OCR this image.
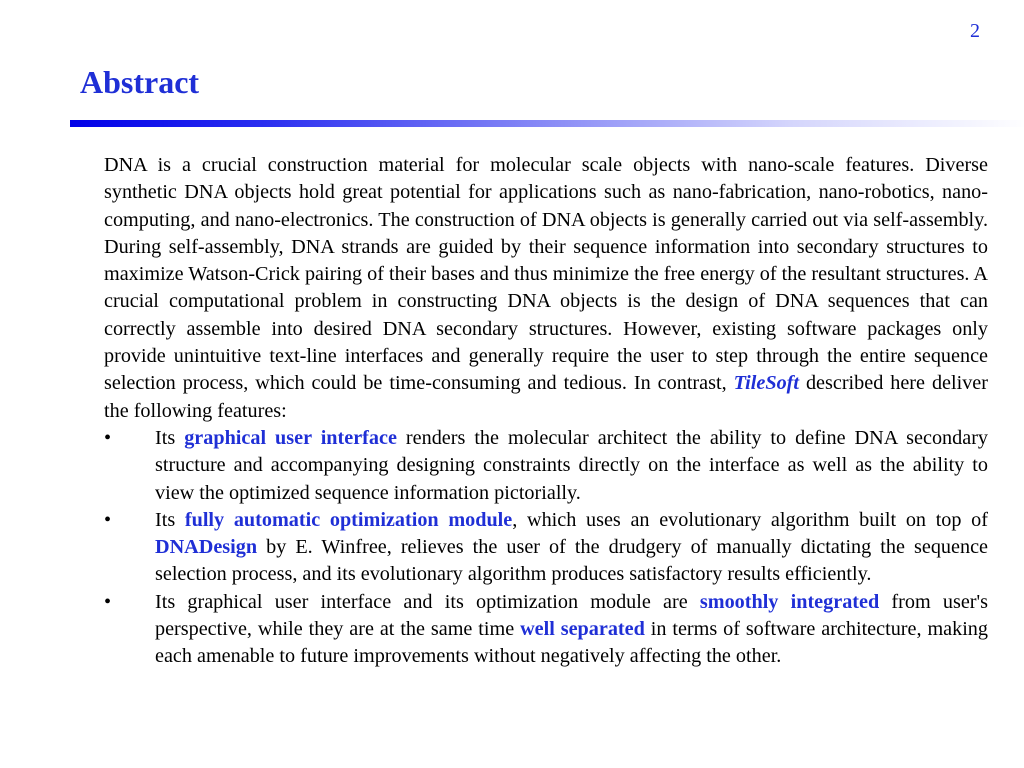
2
Abstract

DNA is a crucial construction material for molecular scale objects with nano-scale features. Diverse synthetic DNA objects hold great potential for applications such as nano-fabrication, nano-robotics, nano-computing, and nano-electronics. The construction of DNA objects is generally carried out via self-assembly. During self-assembly, DNA strands are guided by their sequence information into secondary structures to maximize Watson-Crick pairing of their bases and thus minimize the free energy of the resultant structures. A crucial computational problem in constructing DNA objects is the design of DNA sequences that can correctly assemble into desired DNA secondary structures. However, existing software packages only provide unintuitive text-line interfaces and generally require the user to step through the entire sequence selection process, which could be time-consuming and tedious. In contrast, TileSoft described here deliver the following features:

• Its graphical user interface renders the molecular architect the ability to define DNA secondary structure and accompanying designing constraints directly on the interface as well as the ability to view the optimized sequence information pictorially.
• Its fully automatic optimization module, which uses an evolutionary algorithm built on top of DNADesign by E. Winfree, relieves the user of the drudgery of manually dictating the sequence selection process, and its evolutionary algorithm produces satisfactory results efficiently.
• Its graphical user interface and its optimization module are smoothly integrated from user's perspective, while they are at the same time well separated in terms of software architecture, making each amenable to future improvements without negatively affecting the other.
